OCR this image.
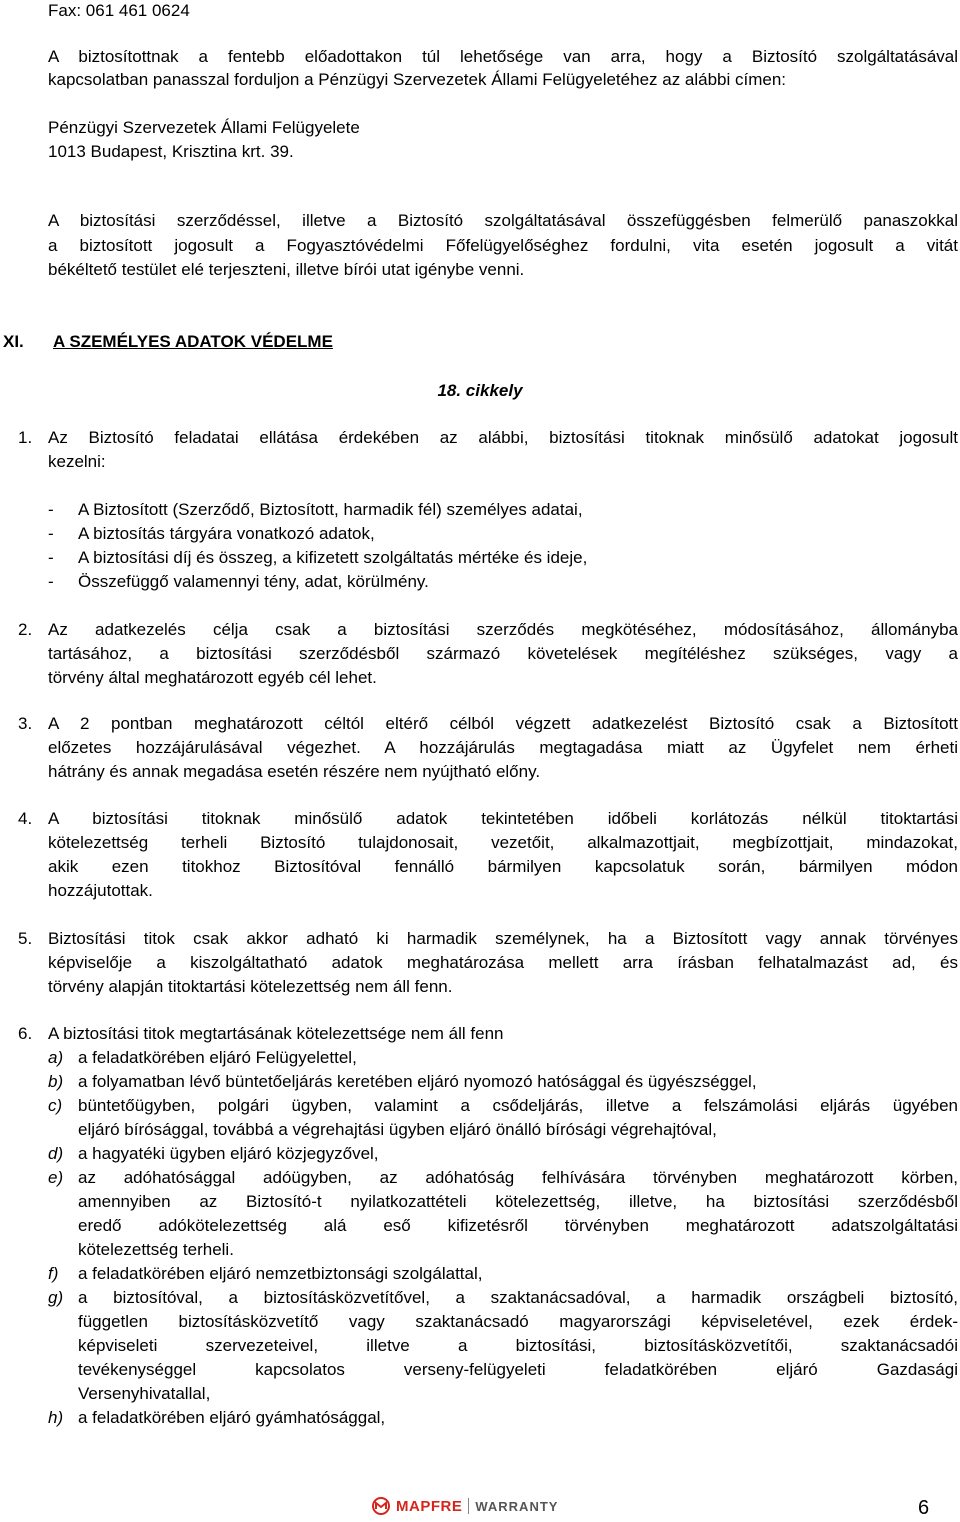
Fax: 061 461 0624
A biztosítottnak a fentebb előadottakon túl lehetősége van arra, hogy a Biztosító szolgáltatásával
kapcsolatban panasszal forduljon a Pénzügyi Szervezetek Állami Felügyeletéhez az alábbi címen:
Pénzügyi Szervezetek Állami Felügyelete
1013 Budapest, Krisztina krt. 39.
A biztosítási szerződéssel, illetve a Biztosító szolgáltatásával összefüggésben felmerülő panaszokkal
a biztosított jogosult a Fogyasztóvédelmi Főfelügyelőséghez fordulni, vita esetén jogosult a vitát
békéltető testület elé terjeszteni, illetve bírói utat igénybe venni.
XI. A SZEMÉLYES ADATOK VÉDELME
18. cikkely
1. Az Biztosító feladatai ellátása érdekében az alábbi, biztosítási titoknak minősülő adatokat jogosult
kezelni:
- A Biztosított (Szerződő, Biztosított, harmadik fél) személyes adatai,
- A biztosítás tárgyára vonatkozó adatok,
- A biztosítási díj és összeg, a kifizetett szolgáltatás mértéke és ideje,
- Összefüggő valamennyi tény, adat, körülmény.
2. Az adatkezelés célja csak a biztosítási szerződés megkötéséhez, módosításához, állományba
tartásához, a biztosítási szerződésből származó követelések megítéléshez szükséges, vagy a
törvény által meghatározott egyéb cél lehet.
3. A 2 pontban meghatározott céltól eltérő célból végzett adatkezelést Biztosító csak a Biztosított
előzetes hozzájárulásával végezhet. A hozzájárulás megtagadása miatt az Ügyfelet nem érheti
hátrány és annak megadása esetén részére nem nyújtható előny.
4. A biztosítási titoknak minősülő adatok tekintetében időbeli korlátozás nélkül titoktartási
kötelezettség terheli Biztosító tulajdonosait, vezetőit, alkalmazottjait, megbízottjait, mindazokat,
akik ezen titokhoz Biztosítóval fennálló bármilyen kapcsolatuk során, bármilyen módon
hozzájutottak.
5. Biztosítási titok csak akkor adható ki harmadik személynek, ha a Biztosított vagy annak törvényes
képviselője a kiszolgáltatható adatok meghatározása mellett arra írásban felhatalmazást ad, és
törvény alapján titoktartási kötelezettség nem áll fenn.
6. A biztosítási titok megtartásának kötelezettsége nem áll fenn
a) a feladatkörében eljáró Felügyelettel,
b) a folyamatban lévő büntetőeljárás keretében eljáró nyomozó hatósággal és ügyészséggel,
c) büntetőügyben, polgári ügyben, valamint a csődeljárás, illetve a felszámolási eljárás ügyében
eljáró bírósággal, továbbá a végrehajtási ügyben eljáró önálló bírósági végrehajtóval,
d) a hagyatéki ügyben eljáró közjegyzővel,
e) az adóhatósággal adóügyben, az adóhatóság felhívására törvényben meghatározott körben,
amennyiben az Biztosító-t nyilatkozattételi kötelezettség, illetve, ha biztosítási szerződésből
eredő adókötelezettség alá eső kifizetésről törvényben meghatározott adatszolgáltatási
kötelezettség terheli.
f) a feladatkörében eljáró nemzetbiztonsági szolgálattal,
g) a biztosítóval, a biztosításközvetítővel, a szaktanácsadóval, a harmadik országbeli biztosító,
független biztosításközvetítő vagy szaktanácsadó magyarországi képviseletével, ezek érdek-
képviseleti szervezeteivel, illetve a biztosítási, biztosításközvetítői, szaktanácsadói
tevékenységgel kapcsolatos verseny-felügyeleti feladatkörében eljáró Gazdasági
Versenyhivatallal,
h) a feladatkörében eljáró gyámhatósággal,
MAPFRE WARRANTY	6
